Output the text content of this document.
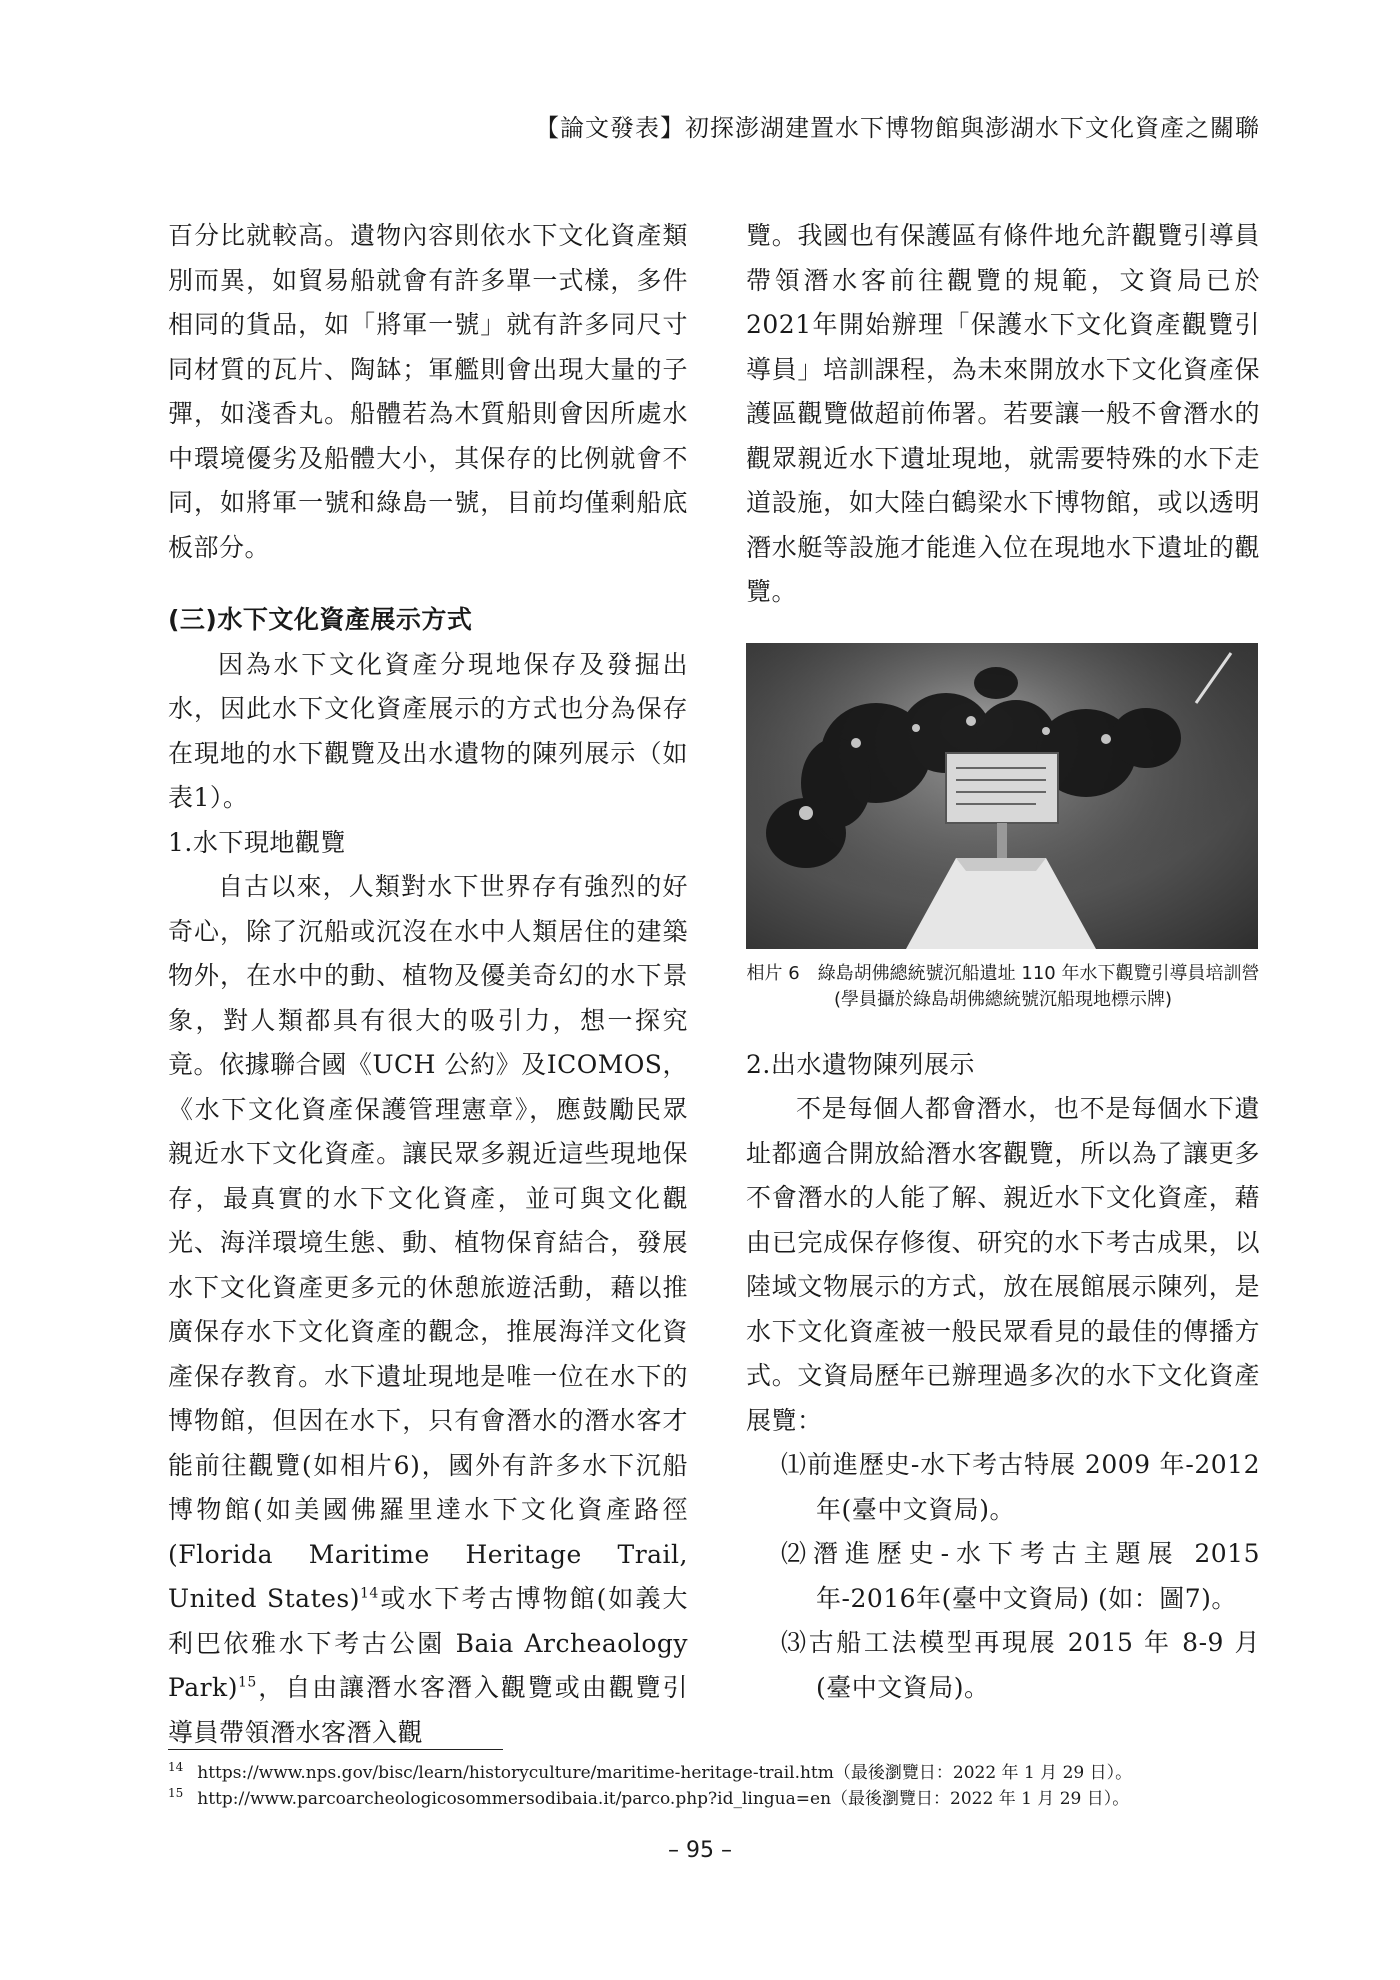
【論文發表】初探澎湖建置水下博物館與澎湖水下文化資產之關聯

百分比就較高。遺物內容則依水下文化資產類別而異，如貿易船就會有許多單一式樣，多件相同的貨品，如「將軍一號」就有許多同尺寸同材質的瓦片、陶缽；軍艦則會出現大量的子彈，如淺香丸。船體若為木質船則會因所處水中環境優劣及船體大小，其保存的比例就會不同，如將軍一號和綠島一號，目前均僅剩船底板部分。

(三)水下文化資產展示方式

因為水下文化資產分現地保存及發掘出水，因此水下文化資產展示的方式也分為保存在現地的水下觀覽及出水遺物的陳列展示（如表1）。

1.水下現地觀覽

自古以來，人類對水下世界存有強烈的好奇心，除了沉船或沉沒在水中人類居住的建築物外，在水中的動、植物及優美奇幻的水下景象，對人類都具有很大的吸引力，想一探究竟。依據聯合國《UCH 公約》及ICOMOS，《水下文化資產保護管理憲章》，應鼓勵民眾親近水下文化資產。讓民眾多親近這些現地保存，最真實的水下文化資產，並可與文化觀光、海洋環境生態、動、植物保育結合，發展水下文化資產更多元的休憩旅遊活動，藉以推廣保存水下文化資產的觀念，推展海洋文化資產保存教育。水下遺址現地是唯一位在水下的博物館，但因在水下，只有會潛水的潛水客才能前往觀覽(如相片6)，國外有許多水下沉船博物館(如美國佛羅里達水下文化資產路徑(Florida Maritime Heritage Trail, United States)$^{14}$或水下考古博物館(如義大利巴依雅水下考古公園 Baia Archeaology Park)$^{15}$，自由讓潛水客潛入觀覽或由觀覽引導員帶領潛水客潛入觀

覽。我國也有保護區有條件地允許觀覽引導員帶領潛水客前往觀覽的規範，文資局已於2021年開始辦理「保護水下文化資產觀覽引導員」培訓課程，為未來開放水下文化資產保護區觀覽做超前佈署。若要讓一般不會潛水的觀眾親近水下遺址現地，就需要特殊的水下走道設施，如大陸白鶴梁水下博物館，或以透明潛水艇等設施才能進入位在現地水下遺址的觀覽。

相片 6　綠島胡佛總統號沉船遺址 110 年水下觀覽引導員培訓營(學員攝於綠島胡佛總統號沉船現地標示牌)

2.出水遺物陳列展示

不是每個人都會潛水，也不是每個水下遺址都適合開放給潛水客觀覽，所以為了讓更多不會潛水的人能了解、親近水下文化資產，藉由已完成保存修復、研究的水下考古成果，以陸域文物展示的方式，放在展館展示陳列，是水下文化資產被一般民眾看見的最佳的傳播方式。文資局歷年已辦理過多次的水下文化資產展覽：

⑴前進歷史-水下考古特展 2009 年-2012年(臺中文資局)。

⑵潛進歷史-水下考古主題展 2015 年-2016年(臺中文資局) (如：圖7)。

⑶古船工法模型再現展 2015 年 8-9 月(臺中文資局)。

$^{14}$ https://www.nps.gov/bisc/learn/historyculture/maritime-heritage-trail.htm（最後瀏覽日：2022 年 1 月 29 日）。

$^{15}$ http://www.parcoarcheologicosommersodibaia.it/parco.php?id_lingua=en（最後瀏覽日：2022 年 1 月 29 日）。

– 95 –
